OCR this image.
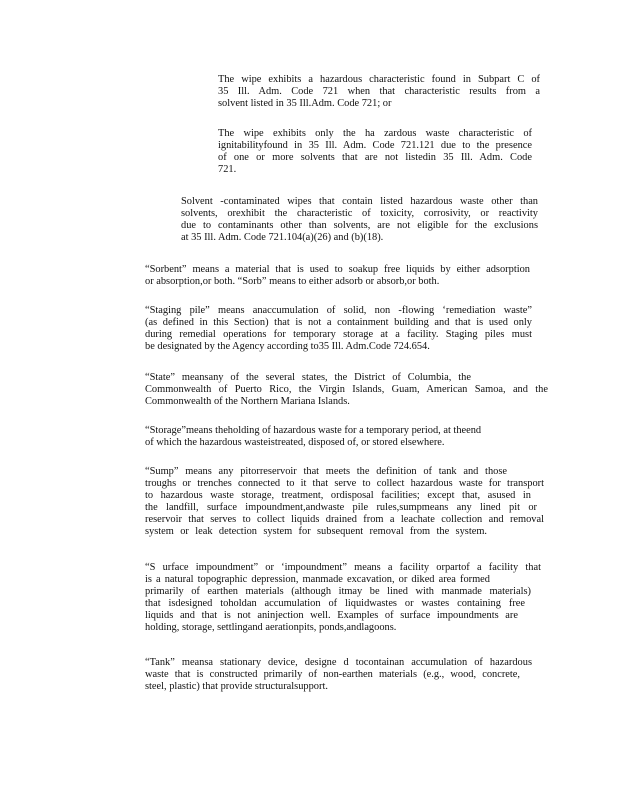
The wipe exhibits a hazardous characteristic found in Subpart C of
35 Ill. Adm. Code 721 when that characteristic results from a
solvent listed in 35 Ill.Adm. Code 721; or
The wipe exhibits only the ha zardous waste characteristic of
ignitabilityfound in 35 Ill. Adm. Code 721.121 due to the presence
of one or more solvents that are not listedin 35 Ill. Adm. Code
721.
Solvent -contaminated wipes that contain listed hazardous waste other than
solvents, orexhibit the characteristic of toxicity, corrosivity, or reactivity
due to contaminants other than solvents, are not eligible for the exclusions
at 35 Ill. Adm. Code 721.104(a)(26) and (b)(18).
“Sorbent” means a material that is used to soakup free liquids by either adsorption
or absorption,or both. “Sorb” means to either adsorb or absorb,or both.
“Staging pile” means anaccumulation of solid, non -flowing ‘remediation waste”
(as defined in this Section) that is not a containment building and that is used only
during remedial operations for temporary storage at a facility. Staging piles must
be designated by the Agency according to35 Ill. Adm.Code 724.654.
“State” meansany of the several states, the District of Columbia, the
Commonwealth of Puerto Rico, the Virgin Islands, Guam, American Samoa, and the
Commonwealth of the Northern Mariana Islands.
“Storage”means theholding of hazardous waste for a temporary period, at theend
of which the hazardous wasteistreated, disposed of, or stored elsewhere.
“Sump” means any pitorreservoir that meets the definition of tank and those
troughs or trenches connected to it that serve to collect hazardous waste for transport
to hazardous waste storage, treatment, ordisposal facilities; except that, asused in
the landfill, surface impoundment,andwaste pile rules,sumpmeans any lined pit or
reservoir that serves to collect liquids drained from a leachate collection and removal
system or leak detection system for subsequent removal from the system.
“S urface impoundment” or ‘impoundment” means a facility orpartof a facility that
is a natural topographic depression, manmade excavation, or diked area formed
primarily of earthen materials (although itmay be lined with manmade materials)
that isdesigned toholdan accumulation of liquidwastes or wastes containing free
liquids and that is not aninjection well. Examples of surface impoundments are
holding, storage, settlingand aerationpits, ponds,andlagoons.
“Tank” meansa stationary device, designe d tocontainan accumulation of hazardous
waste that is constructed primarily of non-earthen materials (e.g., wood, concrete,
steel, plastic) that provide structuralsupport.
